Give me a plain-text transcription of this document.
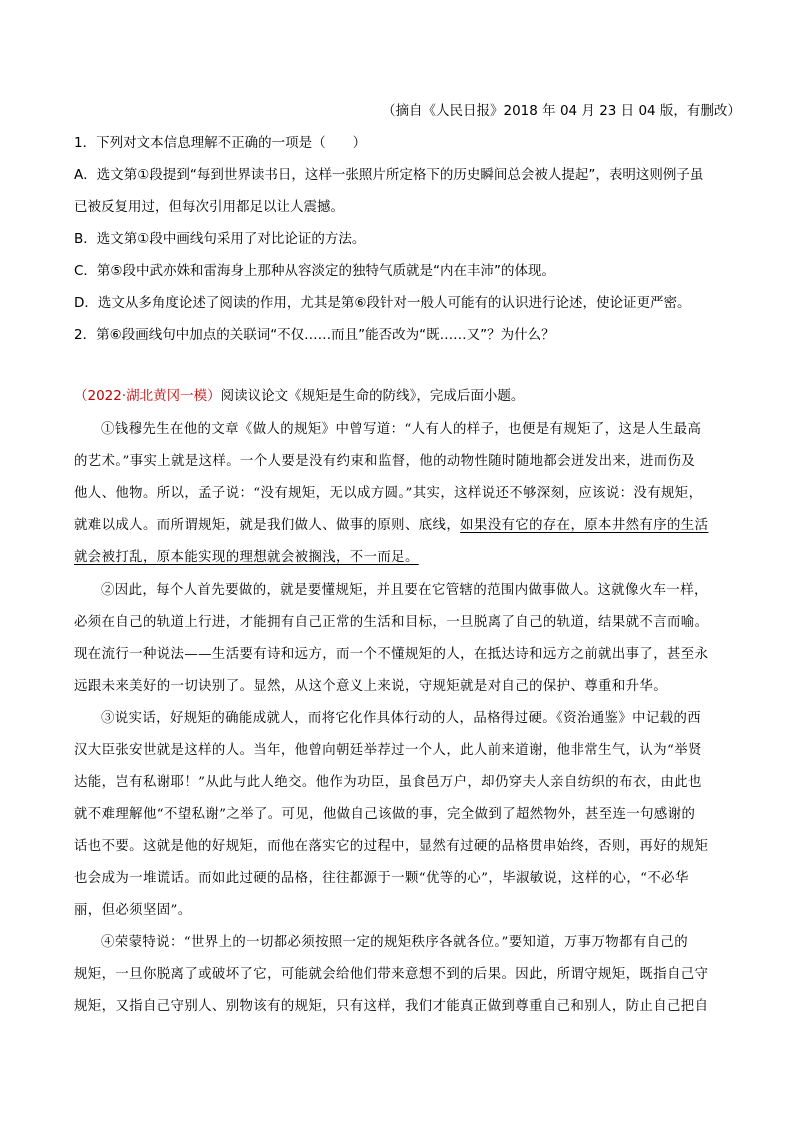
（摘自《人民日报》2018 年 04 月 23 日 04 版，有删改）
1．下列对文本信息理解不正确的一项是（　　）
A．选文第①段提到“每到世界读书日，这样一张照片所定格下的历史瞬间总会被人提起”，表明这则例子虽
已被反复用过，但每次引用都足以让人震撼。
B．选文第①段中画线句采用了对比论证的方法。
C．第⑤段中武亦姝和雷海身上那种从容淡定的独特气质就是“内在丰沛”的体现。
D．选文从多角度论述了阅读的作用，尤其是第⑥段针对一般人可能有的认识进行论述，使论证更严密。
2．第⑥段画线句中加点的关联词“不仅……而且”能否改为“既……又”？为什么？
（2022·湖北黄冈一模）阅读议论文《规矩是生命的防线》，完成后面小题。
①钱穆先生在他的文章《做人的规矩》中曾写道：“人有人的样子，也便是有规矩了，这是人生最高
的艺术。”事实上就是这样。一个人要是没有约束和监督，他的动物性随时随地都会迸发出来，进而伤及
他人、他物。所以，孟子说：“没有规矩，无以成方圆。”其实，这样说还不够深刻，应该说：没有规矩，
就难以成人。而所谓规矩，就是我们做人、做事的原则、底线，如果没有它的存在，原本井然有序的生活
就会被打乱，原本能实现的理想就会被搁浅，不一而足。
②因此，每个人首先要做的，就是要懂规矩，并且要在它管辖的范围内做事做人。这就像火车一样，
必须在自己的轨道上行进，才能拥有自己正常的生活和目标，一旦脱离了自己的轨道，结果就不言而喻。
现在流行一种说法——生活要有诗和远方，而一个不懂规矩的人，在抵达诗和远方之前就出事了，甚至永
远跟未来美好的一切诀别了。显然，从这个意义上来说，守规矩就是对自己的保护、尊重和升华。
③说实话，好规矩的确能成就人，而将它化作具体行动的人，品格得过硬。《资治通鉴》中记载的西
汉大臣张安世就是这样的人。当年，他曾向朝廷举荐过一个人，此人前来道谢，他非常生气，认为“举贤
达能，岂有私谢耶！”从此与此人绝交。他作为功臣，虽食邑万户，却仍穿夫人亲自纺织的布衣，由此也
就不难理解他“不望私谢”之举了。可见，他做自己该做的事，完全做到了超然物外，甚至连一句感谢的
话也不要。这就是他的好规矩，而他在落实它的过程中，显然有过硬的品格贯串始终，否则，再好的规矩
也会成为一堆谎话。而如此过硬的品格，往往都源于一颗“优等的心”，毕淑敏说，这样的心，“不必华
丽，但必须坚固”。
④荣蒙特说：“世界上的一切都必须按照一定的规矩秩序各就各位。”要知道，万事万物都有自己的
规矩，一旦你脱离了或破坏了它，可能就会给他们带来意想不到的后果。因此，所谓守规矩，既指自己守
规矩，又指自己守别人、别物该有的规矩，只有这样，我们才能真正做到尊重自己和别人，防止自己把自
